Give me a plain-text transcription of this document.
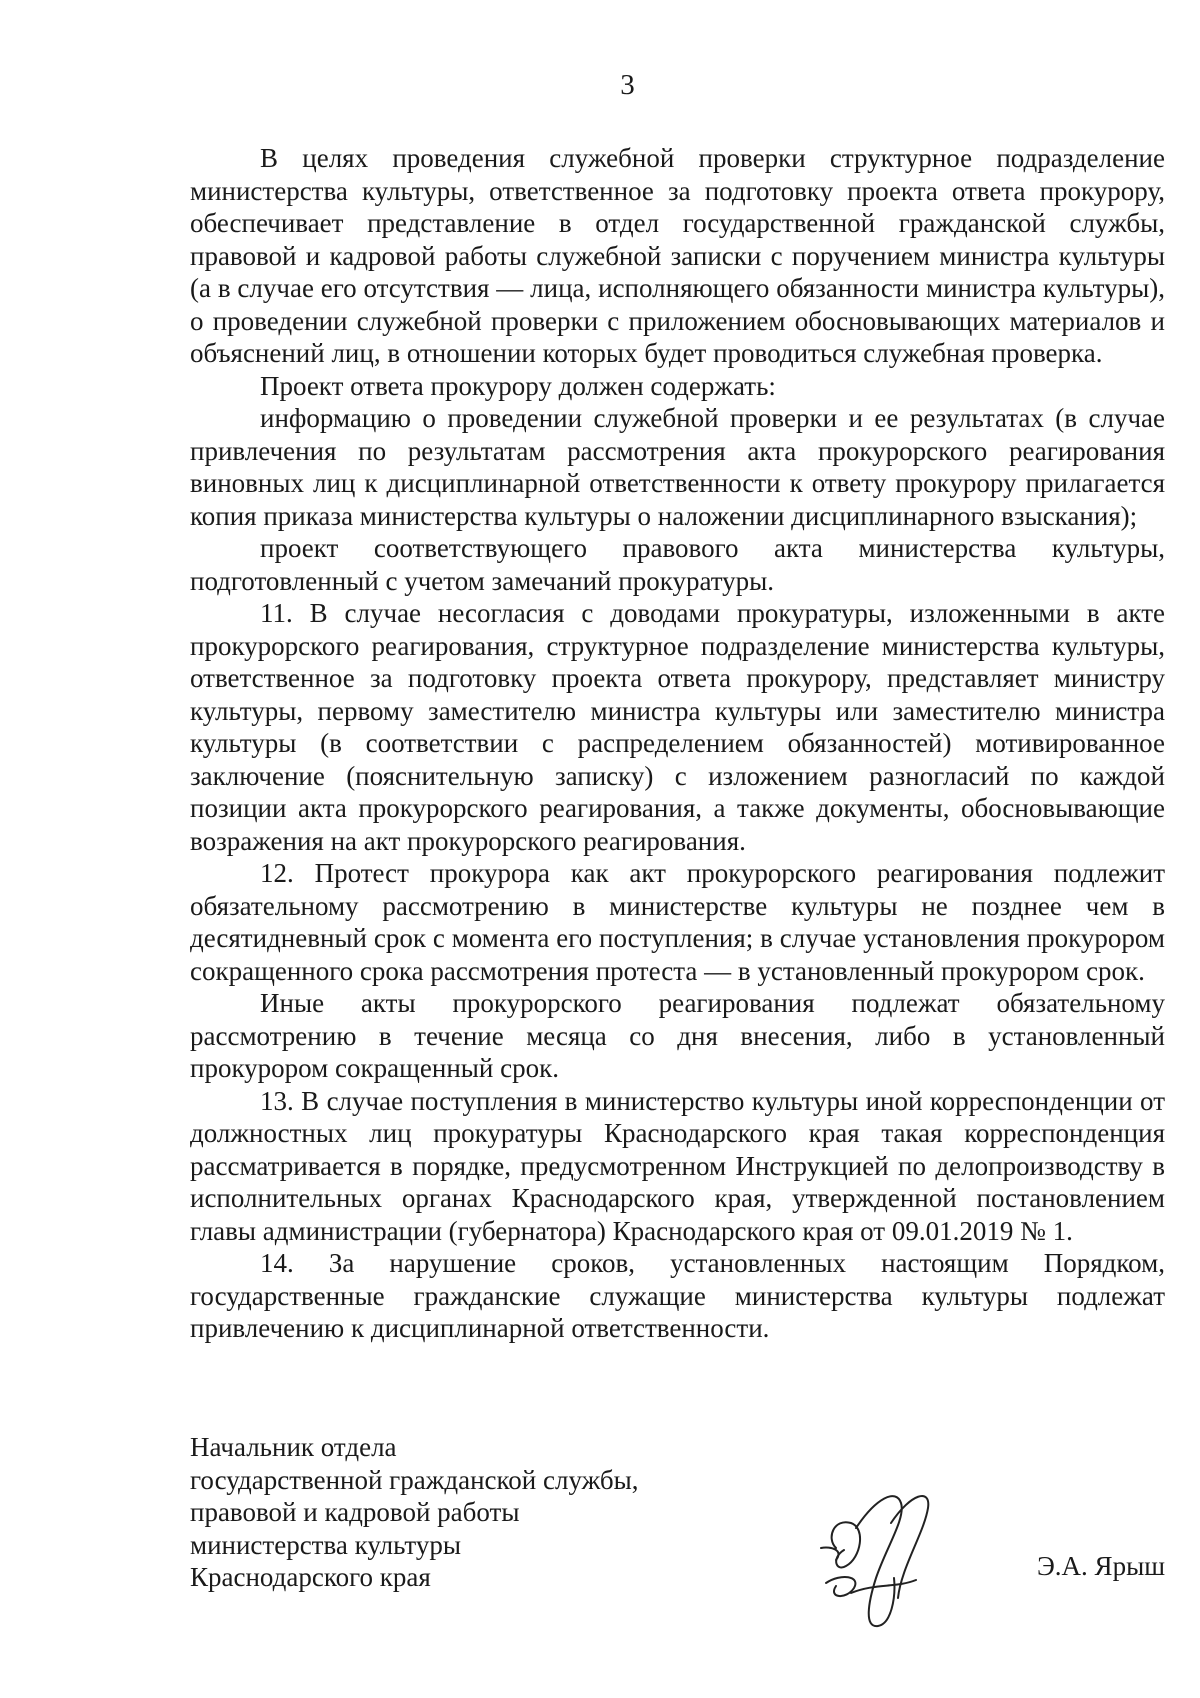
3

В целях проведения служебной проверки структурное подразделение министерства культуры, ответственное за подготовку проекта ответа прокурору, обеспечивает представление в отдел государственной гражданской службы, правовой и кадровой работы служебной записки с поручением министра культуры (а в случае его отсутствия — лица, исполняющего обязанности министра культуры), о проведении служебной проверки с приложением обосновывающих материалов и объяснений лиц, в отношении которых будет проводиться служебная проверка.

Проект ответа прокурору должен содержать:

информацию о проведении служебной проверки и ее результатах (в случае привлечения по результатам рассмотрения акта прокурорского реагирования виновных лиц к дисциплинарной ответственности к ответу прокурору прилагается копия приказа министерства культуры о наложении дисциплинарного взыскания);

проект соответствующего правового акта министерства культуры, подготовленный с учетом замечаний прокуратуры.

11. В случае несогласия с доводами прокуратуры, изложенными в акте прокурорского реагирования, структурное подразделение министерства культуры, ответственное за подготовку проекта ответа прокурору, представляет министру культуры, первому заместителю министра культуры или заместителю министра культуры (в соответствии с распределением обязанностей) мотивированное заключение (пояснительную записку) с изложением разногласий по каждой позиции акта прокурорского реагирования, а также документы, обосновывающие возражения на акт прокурорского реагирования.

12. Протест прокурора как акт прокурорского реагирования подлежит обязательному рассмотрению в министерстве культуры не позднее чем в десятидневный срок с момента его поступления; в случае установления прокурором сокращенного срока рассмотрения протеста — в установленный прокурором срок.

Иные акты прокурорского реагирования подлежат обязательному рассмотрению в течение месяца со дня внесения, либо в установленный прокурором сокращенный срок.

13. В случае поступления в министерство культуры иной корреспонденции от должностных лиц прокуратуры Краснодарского края такая корреспонденция рассматривается в порядке, предусмотренном Инструкцией по делопроизводству в исполнительных органах Краснодарского края, утвержденной постановлением главы администрации (губернатора) Краснодарского края от 09.01.2019 № 1.

14. За нарушение сроков, установленных настоящим Порядком, государственные гражданские служащие министерства культуры подлежат привлечению к дисциплинарной ответственности.

Начальник отдела
государственной гражданской службы,
правовой и кадровой работы
министерства культуры
Краснодарского края	Э.А. Ярыш
